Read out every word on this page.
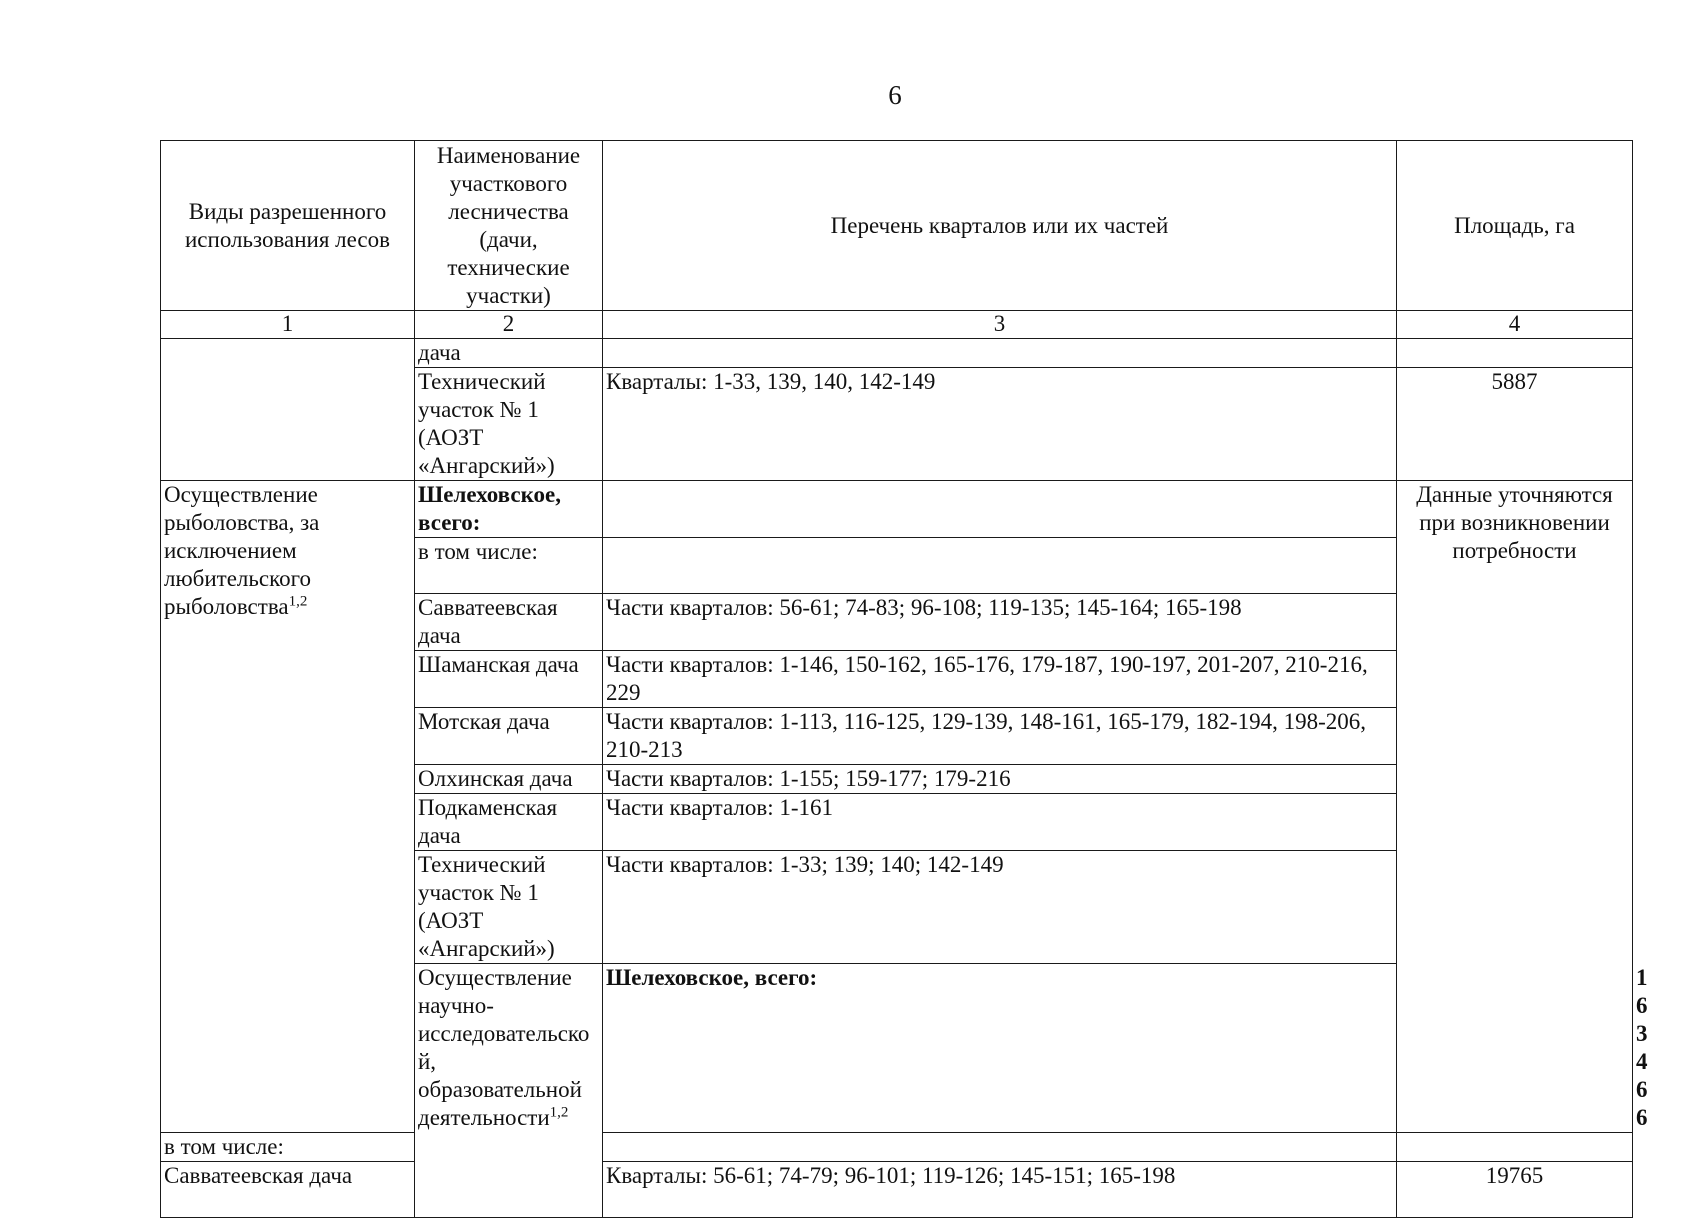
6
Виды разрешенного использования лесов	Наименование участкового лесничества (дачи, технические участки)	Перечень кварталов или их частей	Площадь, га	
1	2	3	4	
	дача			
	Технический участок № 1 (АОЗТ «Ангарский»)	Кварталы: 1-33, 139, 140, 142-149	5887	
Осуществление рыболовства, за исключением любительского рыболовства$^{1,2}$	Шелеховское, всего:		Данные уточняются при возникновении потребности	
	в том числе:			
	Савватеевская дача	Части кварталов: 56-61; 74-83; 96-108; 119-135; 145-164; 165-198		
	Шаманская дача	Части кварталов: 1-146, 150-162, 165-176, 179-187, 190-197, 201-207, 210-216, 229		
	Мотская дача	Части кварталов: 1-113, 116-125, 129-139, 148-161, 165-179, 182-194, 198-206, 210-213		
	Олхинская дача	Части кварталов: 1-155; 159-177; 179-216		
	Подкаменская дача	Части кварталов: 1-161		
	Технический участок № 1 (АОЗТ «Ангарский»)	Части кварталов: 1-33; 139; 140; 142-149		
	Осуществление научно-исследовательской, образовательной деятельности$^{1,2}$	Шелеховское, всего:		163466
в том числе:				
Савватеевская дача		Кварталы: 56-61; 74-79; 96-101; 119-126; 145-151; 165-198	19765	
